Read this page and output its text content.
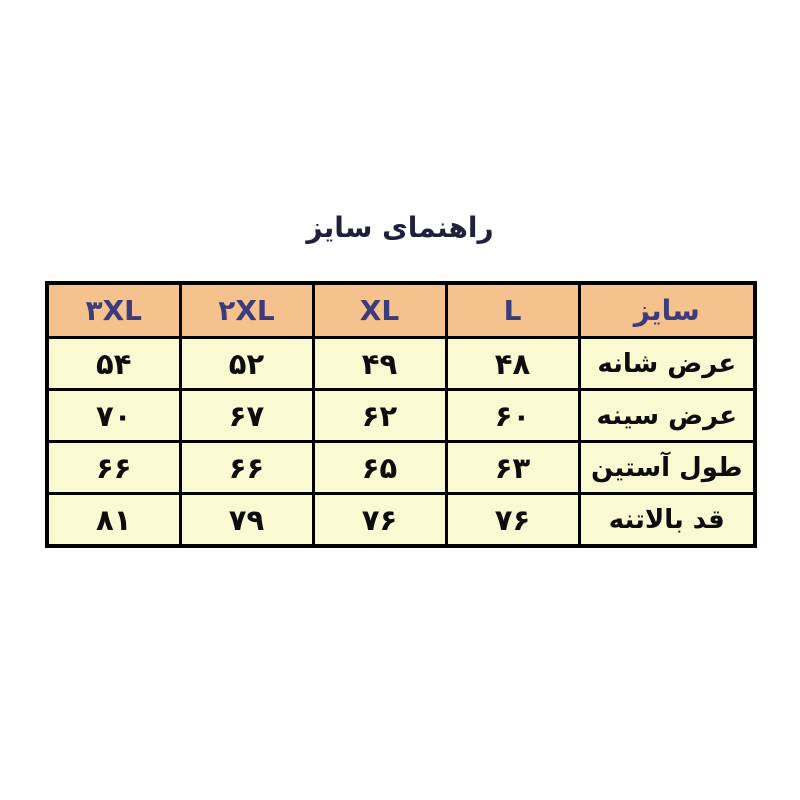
راهنمای سایز
سایز	L	XL	۲XL	۳XL
عرض شانه	۴۸	۴۹	۵۲	۵۴
عرض سینه	۶۰	۶۲	۶۷	۷۰
طول آستین	۶۳	۶۵	۶۶	۶۶
قد بالاتنه	۷۶	۷۶	۷۹	۸۱
